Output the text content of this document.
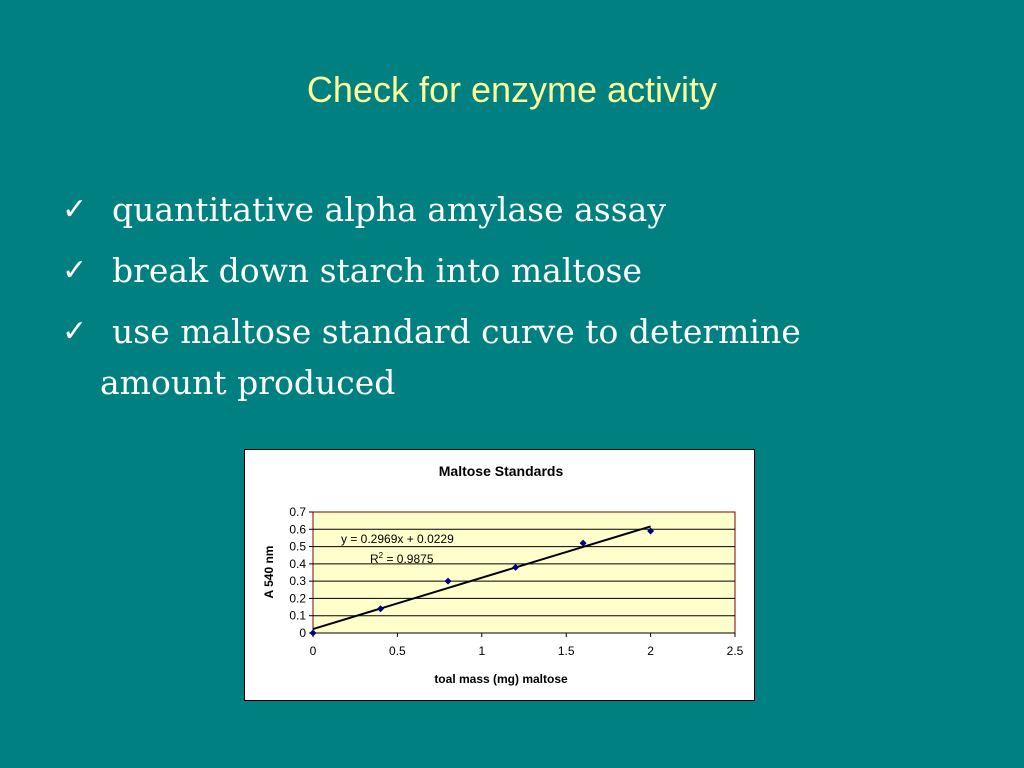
Check for enzyme activity
✓ quantitative alpha amylase assay
✓ break down starch into maltose
✓ use maltose standard curve to determine
amount produced
Maltose Standards
0
0.1
0.2
0.3
0.4
0.5
0.6
0.7
0	0.5	1	1.5	2	2.5
y = 0.2969x + 0.0229
$R^2 = 0.9875$
toal mass (mg) maltose
A 540 nm
